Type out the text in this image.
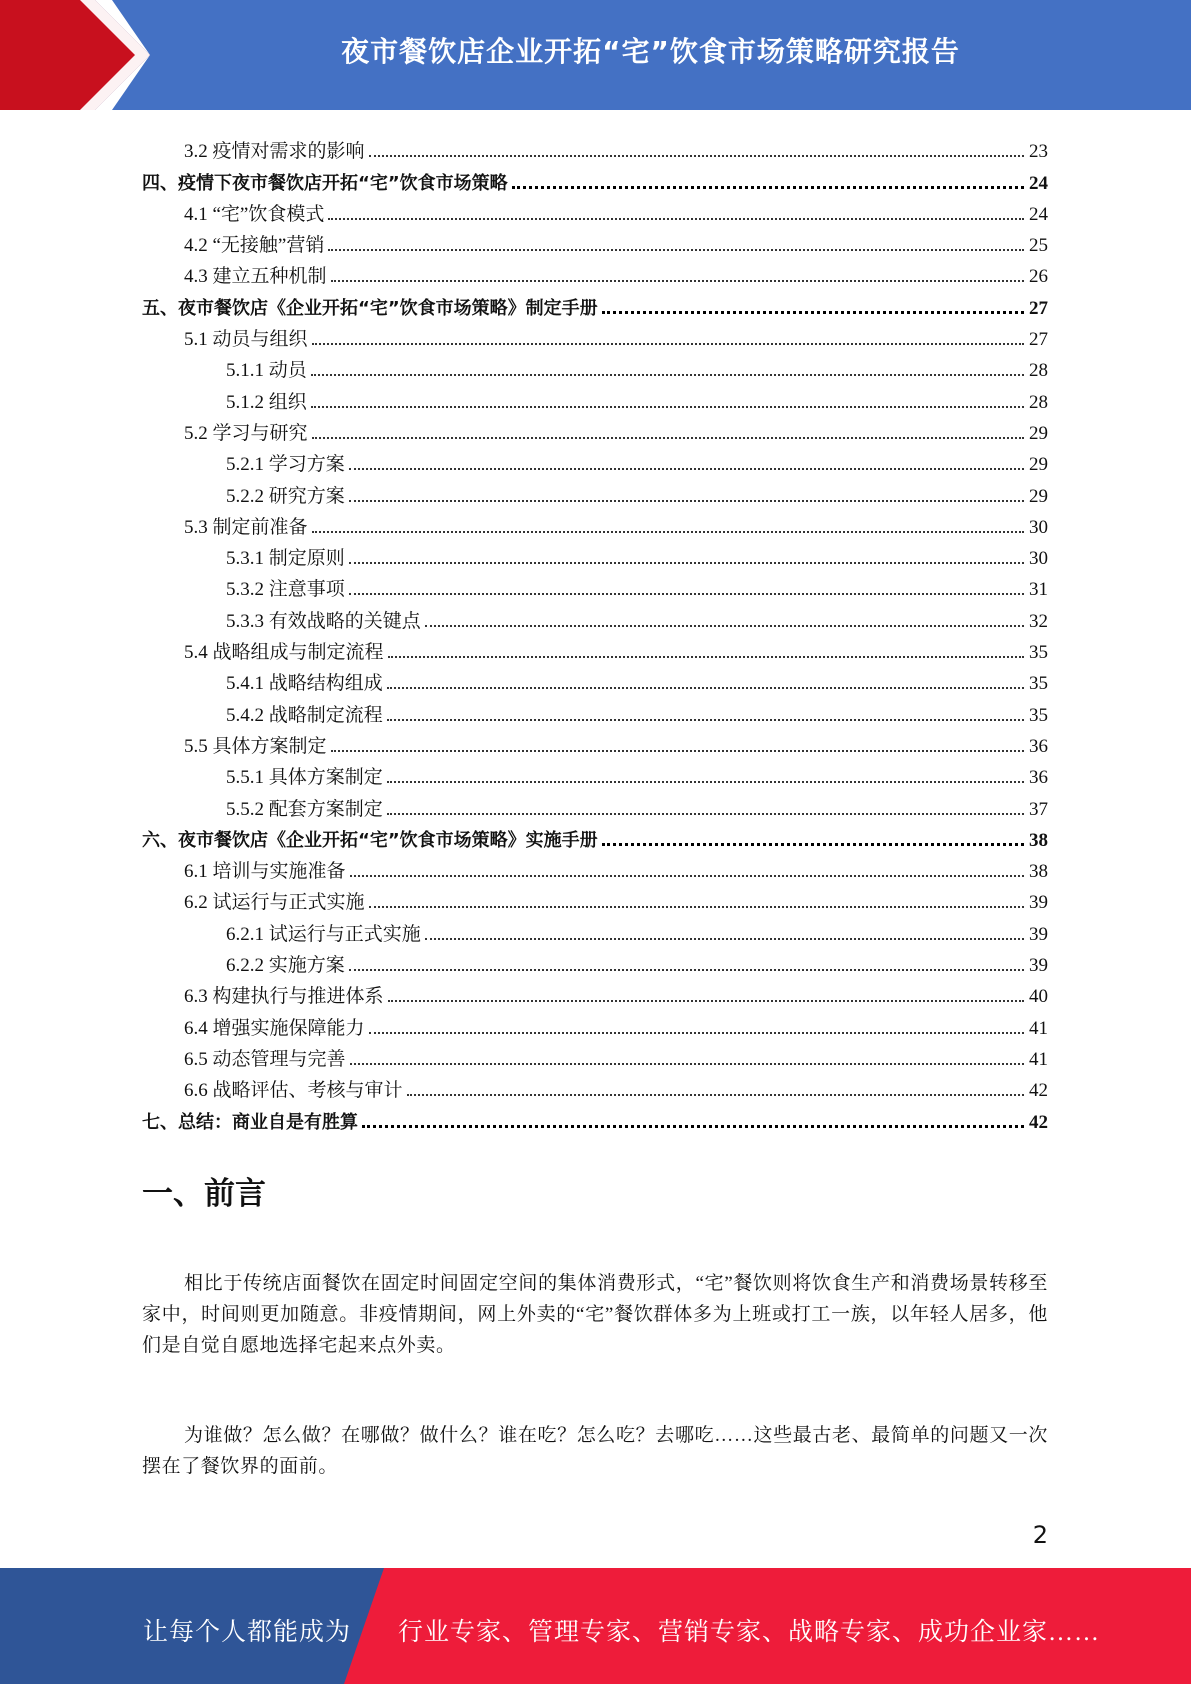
夜市餐饮店企业开拓“宅”饮食市场策略研究报告
3.2 疫情对需求的影响	23
四、疫情下夜市餐饮店开拓“宅”饮食市场策略	24
4.1 “宅”饮食模式	24
4.2 “无接触”营销	25
4.3 建立五种机制	26
五、夜市餐饮店《企业开拓“宅”饮食市场策略》制定手册	27
5.1 动员与组织	27
5.1.1 动员	28
5.1.2 组织	28
5.2 学习与研究	29
5.2.1 学习方案	29
5.2.2 研究方案	29
5.3 制定前准备	30
5.3.1 制定原则	30
5.3.2 注意事项	31
5.3.3 有效战略的关键点	32
5.4 战略组成与制定流程	35
5.4.1 战略结构组成	35
5.4.2 战略制定流程	35
5.5 具体方案制定	36
5.5.1 具体方案制定	36
5.5.2 配套方案制定	37
六、夜市餐饮店《企业开拓“宅”饮食市场策略》实施手册	38
6.1 培训与实施准备	38
6.2 试运行与正式实施	39
6.2.1 试运行与正式实施	39
6.2.2 实施方案	39
6.3 构建执行与推进体系	40
6.4 增强实施保障能力	41
6.5 动态管理与完善	41
6.6 战略评估、考核与审计	42
七、总结：商业自是有胜算	42
一、前言

相比于传统店面餐饮在固定时间固定空间的集体消费形式，“宅”餐饮则将饮食生产和消费场景转移至家中，时间则更加随意。非疫情期间，网上外卖的“宅”餐饮群体多为上班或打工一族，以年轻人居多，他们是自觉自愿地选择宅起来点外卖。

为谁做？怎么做？在哪做？做什么？谁在吃？怎么吃？去哪吃……这些最古老、最简单的问题又一次摆在了餐饮界的面前。

2
让每个人都能成为 行业专家、管理专家、营销专家、战略专家、成功企业家……
